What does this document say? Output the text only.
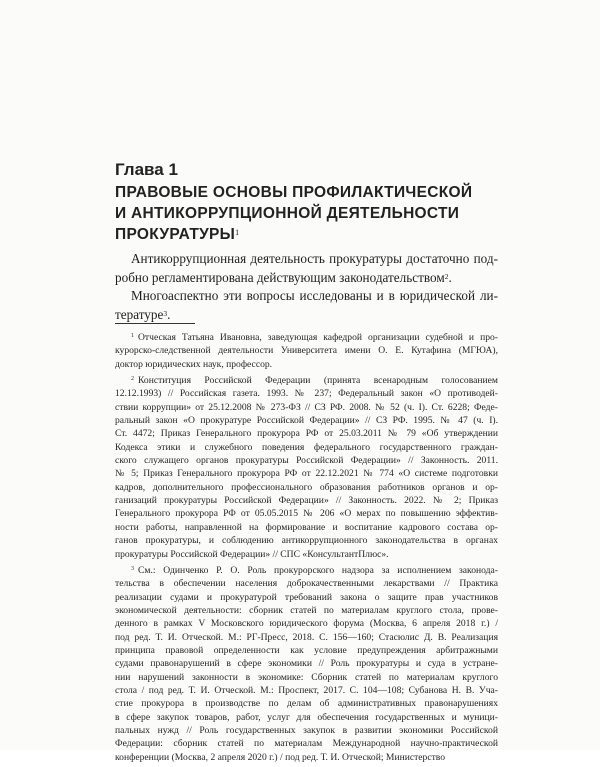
Глава 1
ПРАВОВЫЕ ОСНОВЫ ПРОФИЛАКТИЧЕСКОЙ
И АНТИКОРРУПЦИОННОЙ ДЕЯТЕЛЬНОСТИ
ПРОКУРАТУРЫ$^1$
Антикоррупционная деятельность прокуратуры достаточно под-
робно регламентирована действующим законодательством$^2$.
Многоаспектно эти вопросы исследованы и в юридической ли-
тературе$^3$.
$^1$ Отческая Татьяна Ивановна, заведующая кафедрой организации судебной и про-
курорско-следственной деятельности Университета имени О. Е. Кутафина (МГЮА),
доктор юридических наук, профессор.
$^2$ Конституция Российской Федерации (принята всенародным голосованием
12.12.1993) // Российская газета. 1993. № 237; Федеральный закон «О противодей-
ствии коррупции» от 25.12.2008 № 273-ФЗ // СЗ РФ. 2008. № 52 (ч. I). Ст. 6228; Феде-
ральный закон «О прокуратуре Российской Федерации» // СЗ РФ. 1995. № 47 (ч. I).
Ст. 4472; Приказ Генерального прокурора РФ от 25.03.2011 № 79 «Об утверждении
Кодекса этики и служебного поведения федерального государственного граждан-
ского служащего органов прокуратуры Российской Федерации» // Законность. 2011.
№ 5; Приказ Генерального прокурора РФ от 22.12.2021 № 774 «О системе подготовки
кадров, дополнительного профессионального образования работников органов и ор-
ганизаций прокуратуры Российской Федерации» // Законность. 2022. № 2; Приказ
Генерального прокурора РФ от 05.05.2015 № 206 «О мерах по повышению эффектив-
ности работы, направленной на формирование и воспитание кадрового состава ор-
ганов прокуратуры, и соблюдению антикоррупционного законодательства в органах
прокуратуры Российской Федерации» // СПС «КонсультантПлюс».
$^3$ См.: Одинченко Р. О. Роль прокурорского надзора за исполнением законода-
тельства в обеспечении населения доброкачественными лекарствами // Практика
реализации судами и прокуратурой требований закона о защите прав участников
экономической деятельности: сборник статей по материалам круглого стола, прове-
денного в рамках V Московского юридического форума (Москва, 6 апреля 2018 г.) /
под ред. Т. И. Отческой. М.: РГ-Пресс, 2018. С. 156—160; Стасюлис Д. В. Реализация
принципа правовой определенности как условие предупреждения арбитражными
судами правонарушений в сфере экономики // Роль прокуратуры и суда в устране-
нии нарушений законности в экономике: Сборник статей по материалам круглого
стола / под ред. Т. И. Отческой. М.: Проспект, 2017. С. 104—108; Субанова Н. В. Уча-
стие прокурора в производстве по делам об административных правонарушениях
в сфере закупок товаров, работ, услуг для обеспечения государственных и муници-
пальных нужд // Роль государственных закупок в развитии экономики Российской
Федерации: сборник статей по материалам Международной научно-практической
конференции (Москва, 2 апреля 2020 г.) / под ред. Т. И. Отческой; Министерство
